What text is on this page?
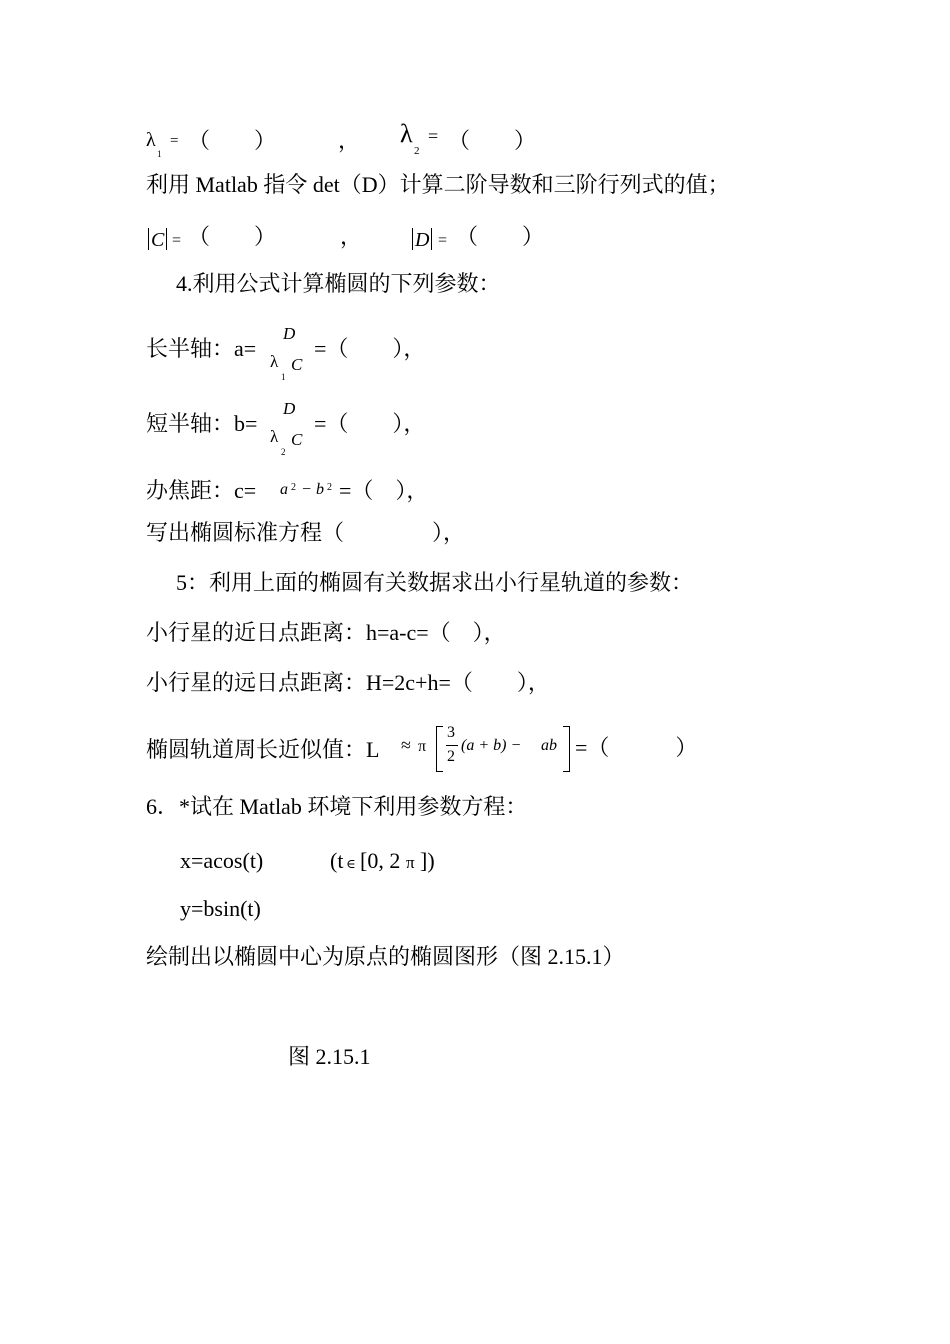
λ
1
= （　　）	， λ
2
= （　　）
利用 Matlab 指令 det（D）计算二阶导数和三阶行列式的值；
C = （　　）	，	D = （　　）
4.利用公式计算椭圆的下列参数：
长半轴：a=
D
λ
1
C
=（　　），
短半轴：b=
D
λ
2
C
=（　　），
办焦距：c= a 2 − b 2 =（　），
写出椭圆标准方程（　　　　），
5：利用上面的椭圆有关数据求出小行星轨道的参数：
小行星的近日点距离：h=a-c=（　），
小行星的远日点距离：H=2c+h=（　　），
椭圆轨道周长近似值：L ≈ π
3
2
(a + b) − ab =（　　　）
6．*试在 Matlab 环境下利用参数方程：
x=acos(t)	(t ∈ [0, 2 π ])
y=bsin(t)
绘制出以椭圆中心为原点的椭圆图形（图 2.15.1）
图 2.15.1
